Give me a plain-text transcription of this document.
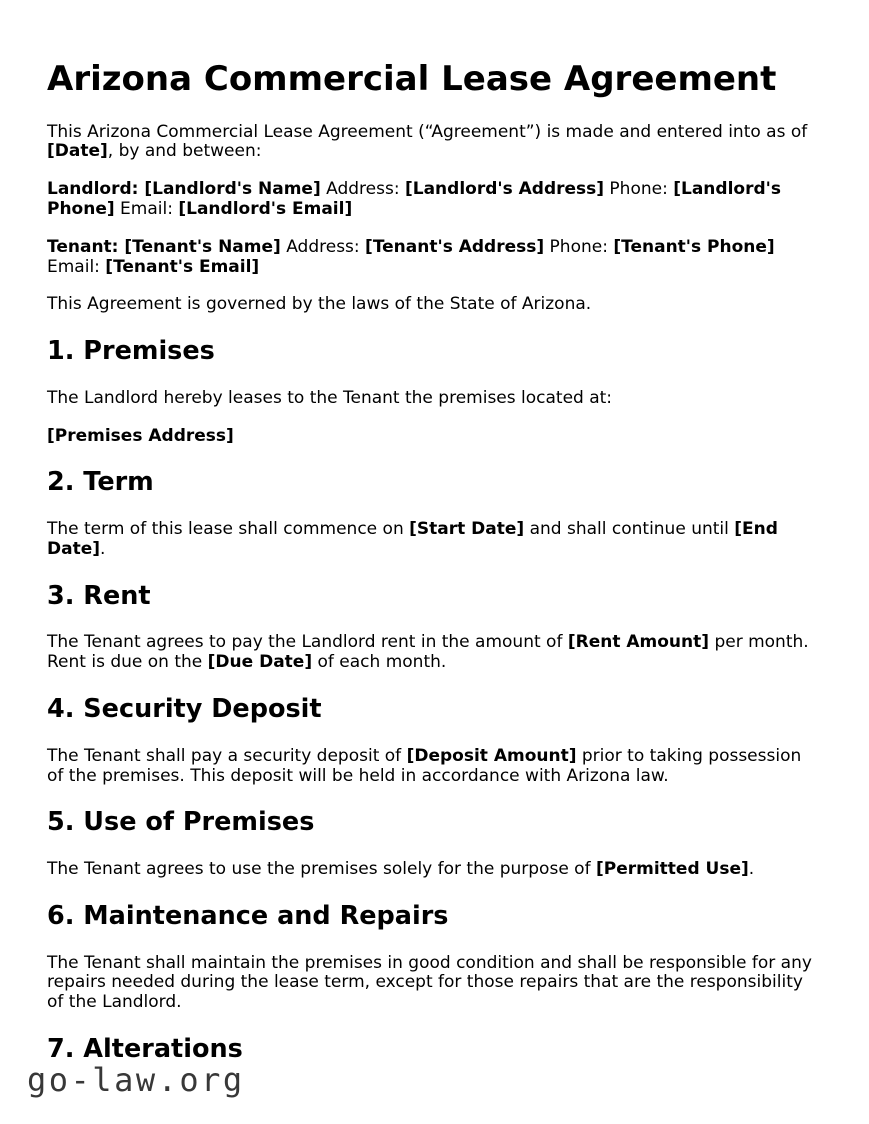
Arizona Commercial Lease Agreement

This Arizona Commercial Lease Agreement (“Agreement”) is made and entered into as of [Date], by and between:

Landlord: [Landlord's Name] Address: [Landlord's Address] Phone: [Landlord's Phone] Email: [Landlord's Email]

Tenant: [Tenant's Name] Address: [Tenant's Address] Phone: [Tenant's Phone] Email: [Tenant's Email]

This Agreement is governed by the laws of the State of Arizona.

1. Premises

The Landlord hereby leases to the Tenant the premises located at:

[Premises Address]

2. Term

The term of this lease shall commence on [Start Date] and shall continue until [End Date].

3. Rent

The Tenant agrees to pay the Landlord rent in the amount of [Rent Amount] per month. Rent is due on the [Due Date] of each month.

4. Security Deposit

The Tenant shall pay a security deposit of [Deposit Amount] prior to taking possession of the premises. This deposit will be held in accordance with Arizona law.

5. Use of Premises

The Tenant agrees to use the premises solely for the purpose of [Permitted Use].

6. Maintenance and Repairs

The Tenant shall maintain the premises in good condition and shall be responsible for any repairs needed during the lease term, except for those repairs that are the responsibility of the Landlord.

7. Alterations
go-law.org
